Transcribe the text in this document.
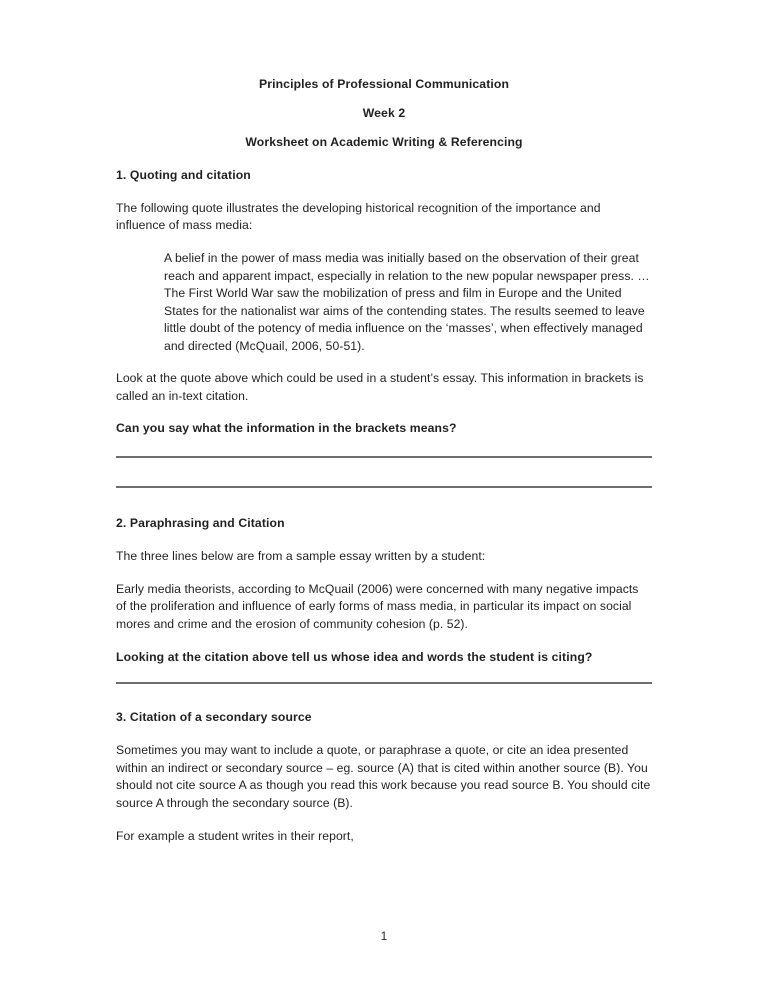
Principles of Professional Communication
Week 2
Worksheet on Academic Writing & Referencing
1. Quoting and citation

The following quote illustrates the developing historical recognition of the importance and influence of mass media:

A belief in the power of mass media was initially based on the observation of their great reach and apparent impact, especially in relation to the new popular newspaper press. … The First World War saw the mobilization of press and film in Europe and the United States for the nationalist war aims of the contending states. The results seemed to leave little doubt of the potency of media influence on the ‘masses’, when effectively managed and directed (McQuail, 2006, 50-51).

Look at the quote above which could be used in a student’s essay. This information in brackets is called an in-text citation.

Can you say what the information in the brackets means?

2. Paraphrasing and Citation

The three lines below are from a sample essay written by a student:

Early media theorists, according to McQuail (2006) were concerned with many negative impacts of the proliferation and influence of early forms of mass media, in particular its impact on social mores and crime and the erosion of community cohesion (p. 52).

Looking at the citation above tell us whose idea and words the student is citing?

3. Citation of a secondary source

Sometimes you may want to include a quote, or paraphrase a quote, or cite an idea presented within an indirect or secondary source – eg. source (A) that is cited within another source (B). You should not cite source A as though you read this work because you read source B. You should cite source A through the secondary source (B).

For example a student writes in their report,

1
